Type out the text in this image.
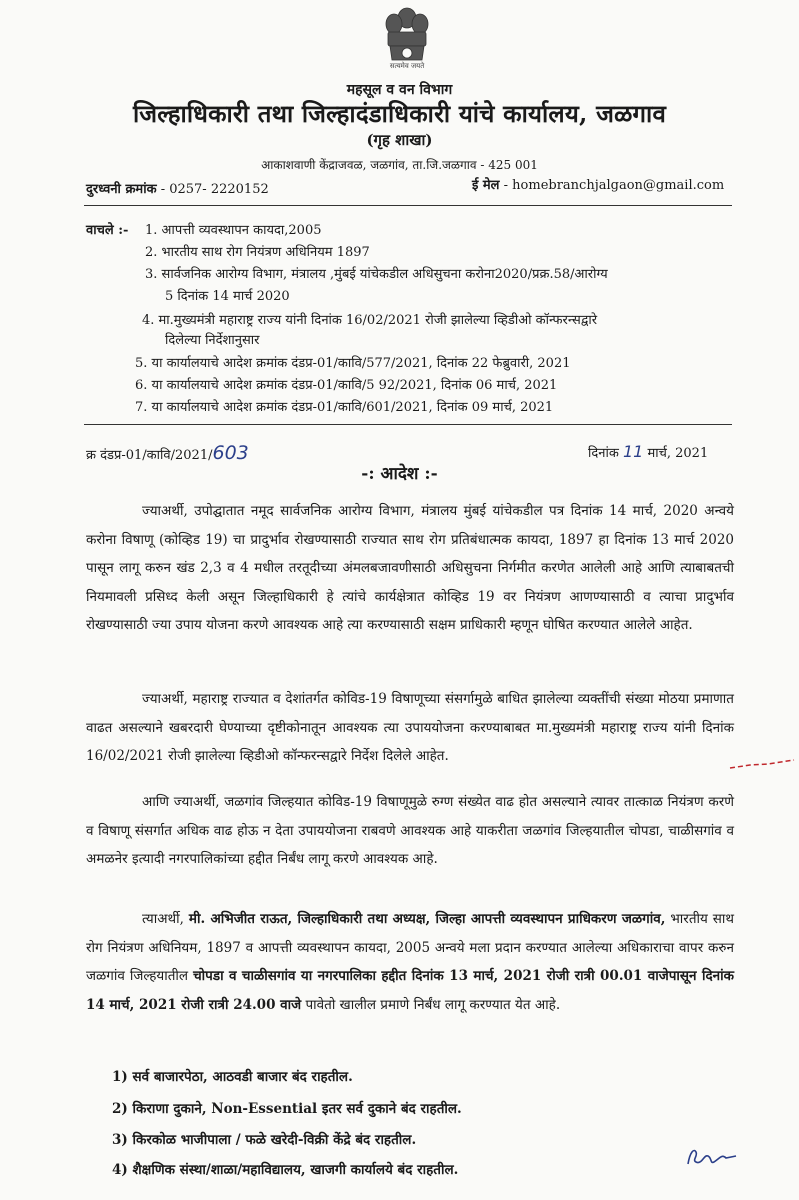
सत्यमेव जयते
महसूल व वन विभाग
जिल्हाधिकारी तथा जिल्हादंडाधिकारी यांचे कार्यालय, जळगाव
(गृह शाखा)
आकाशवाणी केंद्राजवळ, जळगांव, ता.जि.जळगाव - 425 001
दुरध्वनी क्रमांक - 0257- 2220152	ई मेल - homebranchjalgaon@gmail.com
वाचले :- 1. आपत्ती व्यवस्थापन कायदा,2005
2. भारतीय साथ रोग नियंत्रण अधिनियम 1897
3. सार्वजनिक आरोग्य विभाग, मंत्रालय ,मुंबई यांचेकडील अधिसुचना करोना2020/प्रक्र.58/आरोग्य
5 दिनांक 14 मार्च 2020
4. मा.मुख्यमंत्री महाराष्ट्र राज्य यांनी दिनांक 16/02/2021 रोजी झालेल्या व्हिडीओ कॉन्फरन्सद्वारे
दिलेल्या निर्देशानुसार
5. या कार्यालयाचे आदेश क्रमांक दंडप्र-01/कावि/577/2021, दिनांक 22 फेब्रुवारी, 2021
6. या कार्यालयाचे आदेश क्रमांक दंडप्र-01/कावि/5 92/2021, दिनांक 06 मार्च, 2021
7. या कार्यालयाचे आदेश क्रमांक दंडप्र-01/कावि/601/2021, दिनांक 09 मार्च, 2021
क्र दंडप्र-01/कावि/2021/603	दिनांक 11 मार्च, 2021
-: आदेश :-

ज्याअर्थी, उपोद्घातात नमूद सार्वजनिक आरोग्य विभाग, मंत्रालय मुंबई यांचेकडील पत्र दिनांक 14 मार्च, 2020 अन्वये करोना विषाणू (कोव्हिड 19) चा प्रादुर्भाव रोखण्यासाठी राज्यात साथ रोग प्रतिबंधात्मक कायदा, 1897 हा दिनांक 13 मार्च 2020 पासून लागू करुन खंड 2,3 व 4 मधील तरतूदीच्या अंमलबजावणीसाठी अधिसुचना निर्गमीत करणेत आलेली आहे आणि त्याबाबतची नियमावली प्रसिध्द केली असून जिल्हाधिकारी हे त्यांचे कार्यक्षेत्रात कोव्हिड 19 वर नियंत्रण आणण्यासाठी व त्याचा प्रादुर्भाव रोखण्यासाठी ज्या उपाय योजना करणे आवश्यक आहे त्या करण्यासाठी सक्षम प्राधिकारी म्हणून घोषित करण्यात आलेले आहेत.

ज्याअर्थी, महाराष्ट्र राज्यात व देशांतर्गत कोविड-19 विषाणूच्या संसर्गामुळे बाधित झालेल्या व्यक्तींची संख्या मोठया प्रमाणात वाढत असल्याने खबरदारी घेण्याच्या दृष्टीकोनातून आवश्यक त्या उपाययोजना करण्याबाबत मा.मुख्यमंत्री महाराष्ट्र राज्य यांनी दिनांक 16/02/2021 रोजी झालेल्या व्हिडीओ कॉन्फरन्सद्वारे निर्देश दिलेले आहेत.

आणि ज्याअर्थी, जळगांव जिल्हयात कोविड-19 विषाणूमुळे रुग्ण संख्येत वाढ होत असल्याने त्यावर तात्काळ नियंत्रण करणे व विषाणू संसर्गात अधिक वाढ होऊ न देता उपाययोजना राबवणे आवश्यक आहे याकरीता जळगांव जिल्हयातील चोपडा, चाळीसगांव व अमळनेर इत्यादी नगरपालिकांच्या हद्दीत निर्बंध लागू करणे आवश्यक आहे.

त्याअर्थी, मी. अभिजीत राऊत, जिल्हाधिकारी तथा अध्यक्ष, जिल्हा आपत्ती व्यवस्थापन प्राधिकरण जळगांव, भारतीय साथ रोग नियंत्रण अधिनियम, 1897 व आपत्ती व्यवस्थापन कायदा, 2005 अन्वये मला प्रदान करण्यात आलेल्या अधिकाराचा वापर करुन जळगांव जिल्हयातील चोपडा व चाळीसगांव या नगरपालिका हद्दीत दिनांक 13 मार्च, 2021 रोजी रात्री 00.01 वाजेपासून दिनांक 14 मार्च, 2021 रोजी रात्री 24.00 वाजे पावेतो खालील प्रमाणे निर्बंध लागू करण्यात येत आहे.

1) सर्व बाजारपेठा, आठवडी बाजार बंद राहतील.
2) किराणा दुकाने, Non-Essential इतर सर्व दुकाने बंद राहतील.
3) किरकोळ भाजीपाला / फळे खरेदी-विक्री केंद्रे बंद राहतील.
4) शैक्षणिक संस्था/शाळा/महाविद्यालय, खाजगी कार्यालये बंद राहतील.
